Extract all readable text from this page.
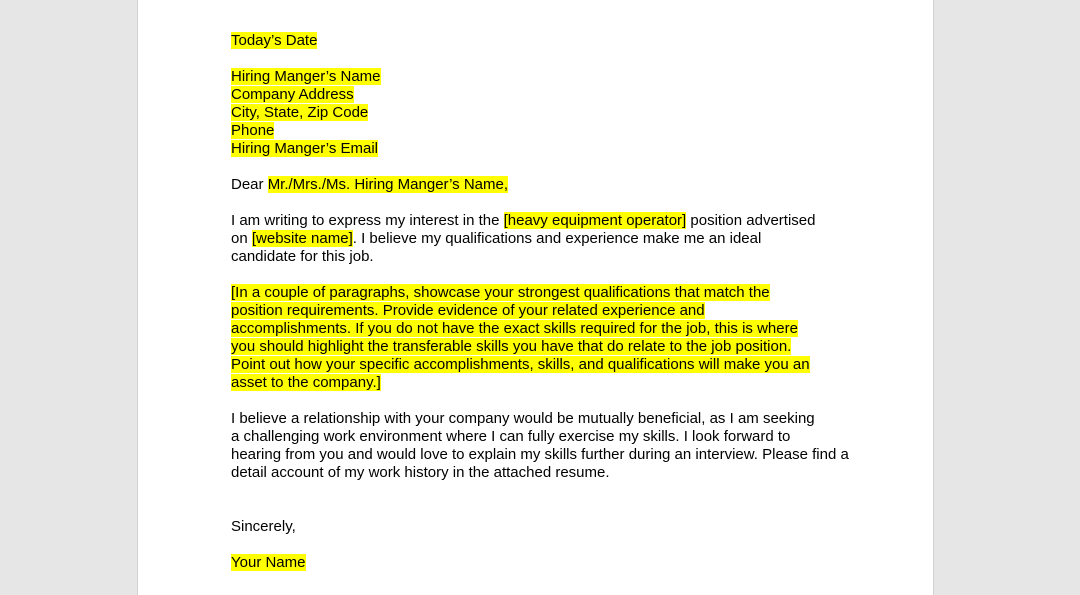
Today’s Date
Hiring Manger’s Name
Company Address
City, State, Zip Code
Phone
Hiring Manger’s Email
Dear Mr./Mrs./Ms. Hiring Manger’s Name,
I am writing to express my interest in the [heavy equipment operator] position advertised
on [website name]. I believe my qualifications and experience make me an ideal
candidate for this job.
[In a couple of paragraphs, showcase your strongest qualifications that match the
position requirements. Provide evidence of your related experience and
accomplishments. If you do not have the exact skills required for the job, this is where
you should highlight the transferable skills you have that do relate to the job position.
Point out how your specific accomplishments, skills, and qualifications will make you an
asset to the company.]
I believe a relationship with your company would be mutually beneficial, as I am seeking
a challenging work environment where I can fully exercise my skills. I look forward to
hearing from you and would love to explain my skills further during an interview. Please find a
detail account of my work history in the attached resume.
Sincerely,
Your Name
